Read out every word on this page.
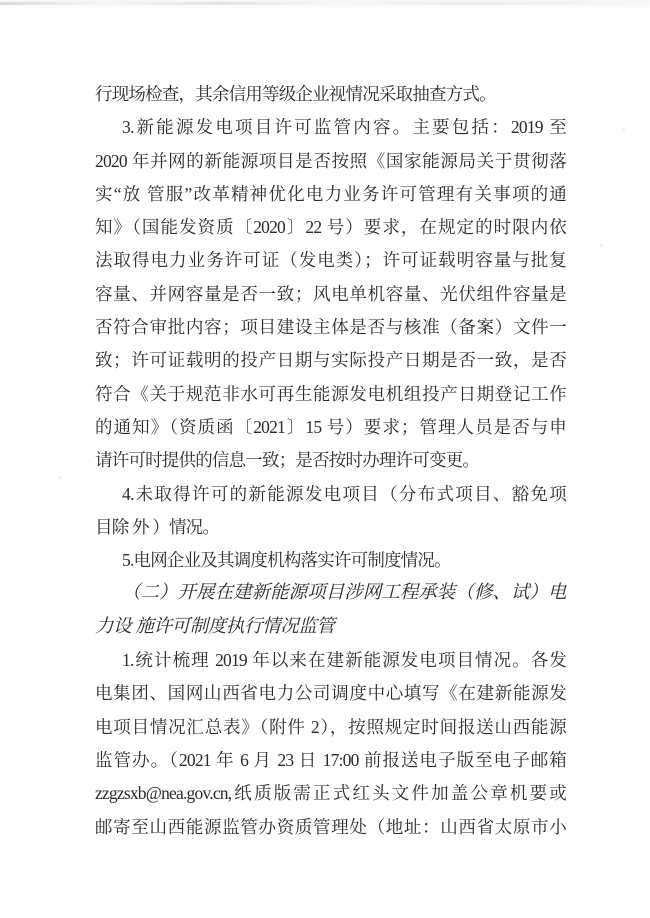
行现场检查，其余信用等级企业视情况采取抽查方式。
3.新能源发电项目许可监管内容。主要包括：2019 至
2020 年并网的新能源项目是否按照《国家能源局关于贯彻落
实“放 管服”改革精神优化电力业务许可管理有关事项的通
知》（国能发资质〔2020〕22 号）要求，在规定的时限内依
法取得电力业务许可证（发电类）；许可证载明容量与批复
容量、并网容量是否一致；风电单机容量、光伏组件容量是
否符合审批内容；项目建设主体是否与核准（备案）文件一
致；许可证载明的投产日期与实际投产日期是否一致，是否
符合《关于规范非水可再生能源发电机组投产日期登记工作
的通知》（资质函〔2021〕15 号）要求；管理人员是否与申
请许可时提供的信息一致；是否按时办理许可变更。
4.未取得许可的新能源发电项目（分布式项目、豁免项
目除 外 ）情况。
5.电网企业及其调度机构落实许可制度情况。
（二）开展在建新能源项目涉网工程承装（修、试）电
力设 施许可制度执行情况监管
1.统计梳理 2019 年以来在建新能源发电项目情况。各发
电集团、国网山西省电力公司调度中心填写《在建新能源发
电项目情况汇总表》（附件 2），按照规定时间报送山西能源
监管办。（2021 年 6 月 23 日 17:00 前报送电子版至电子邮箱
zzgzsxb@nea.gov.cn,纸质版需正式红头文件加盖公章机要或
邮寄至山西能源监管办资质管理处（地址：山西省太原市小
